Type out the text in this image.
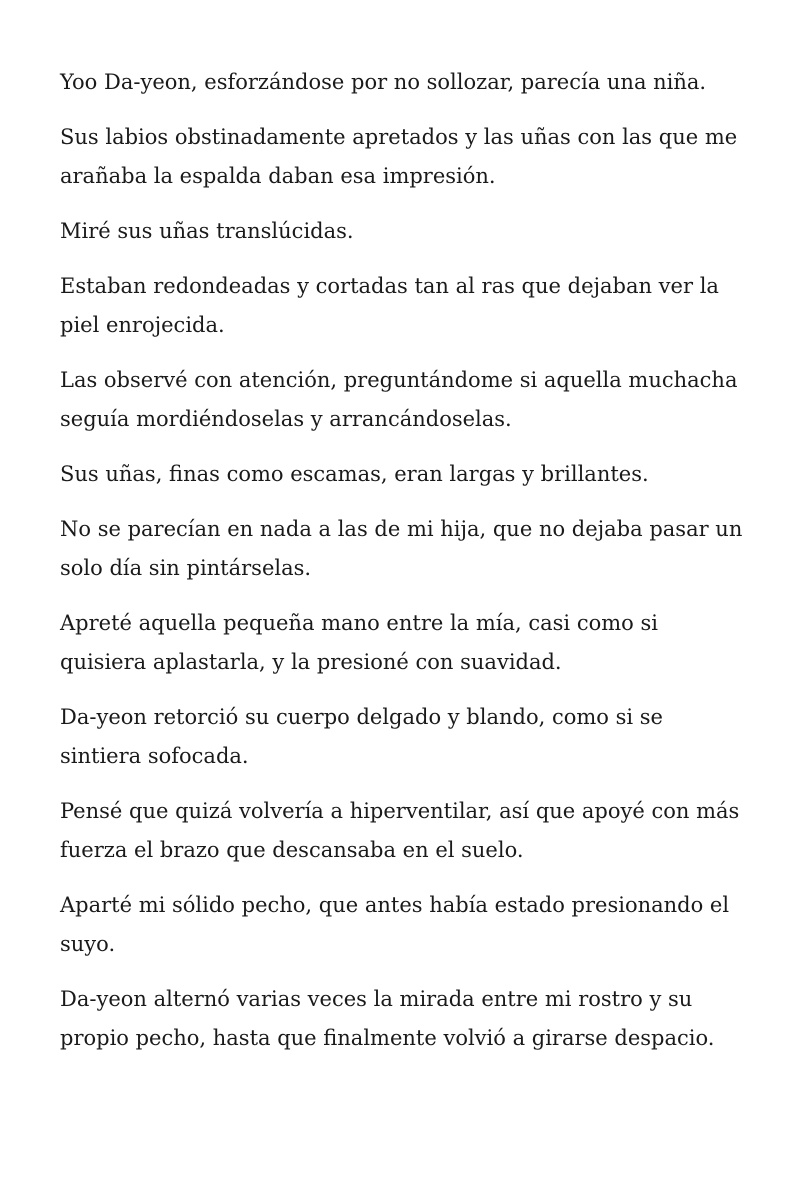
Yoo Da-yeon, esforzándose por no sollozar, parecía una niña.

Sus labios obstinadamente apretados y las uñas con las que me arañaba la espalda daban esa impresión.

Miré sus uñas translúcidas.

Estaban redondeadas y cortadas tan al ras que dejaban ver la piel enrojecida.

Las observé con atención, preguntándome si aquella muchacha seguía mordiéndoselas y arrancándoselas.

Sus uñas, finas como escamas, eran largas y brillantes.

No se parecían en nada a las de mi hija, que no dejaba pasar un solo día sin pintárselas.

Apreté aquella pequeña mano entre la mía, casi como si quisiera aplastarla, y la presioné con suavidad.

Da-yeon retorció su cuerpo delgado y blando, como si se sintiera sofocada.

Pensé que quizá volvería a hiperventilar, así que apoyé con más fuerza el brazo que descansaba en el suelo.

Aparté mi sólido pecho, que antes había estado presionando el suyo.

Da-yeon alternó varias veces la mirada entre mi rostro y su propio pecho, hasta que finalmente volvió a girarse despacio.
